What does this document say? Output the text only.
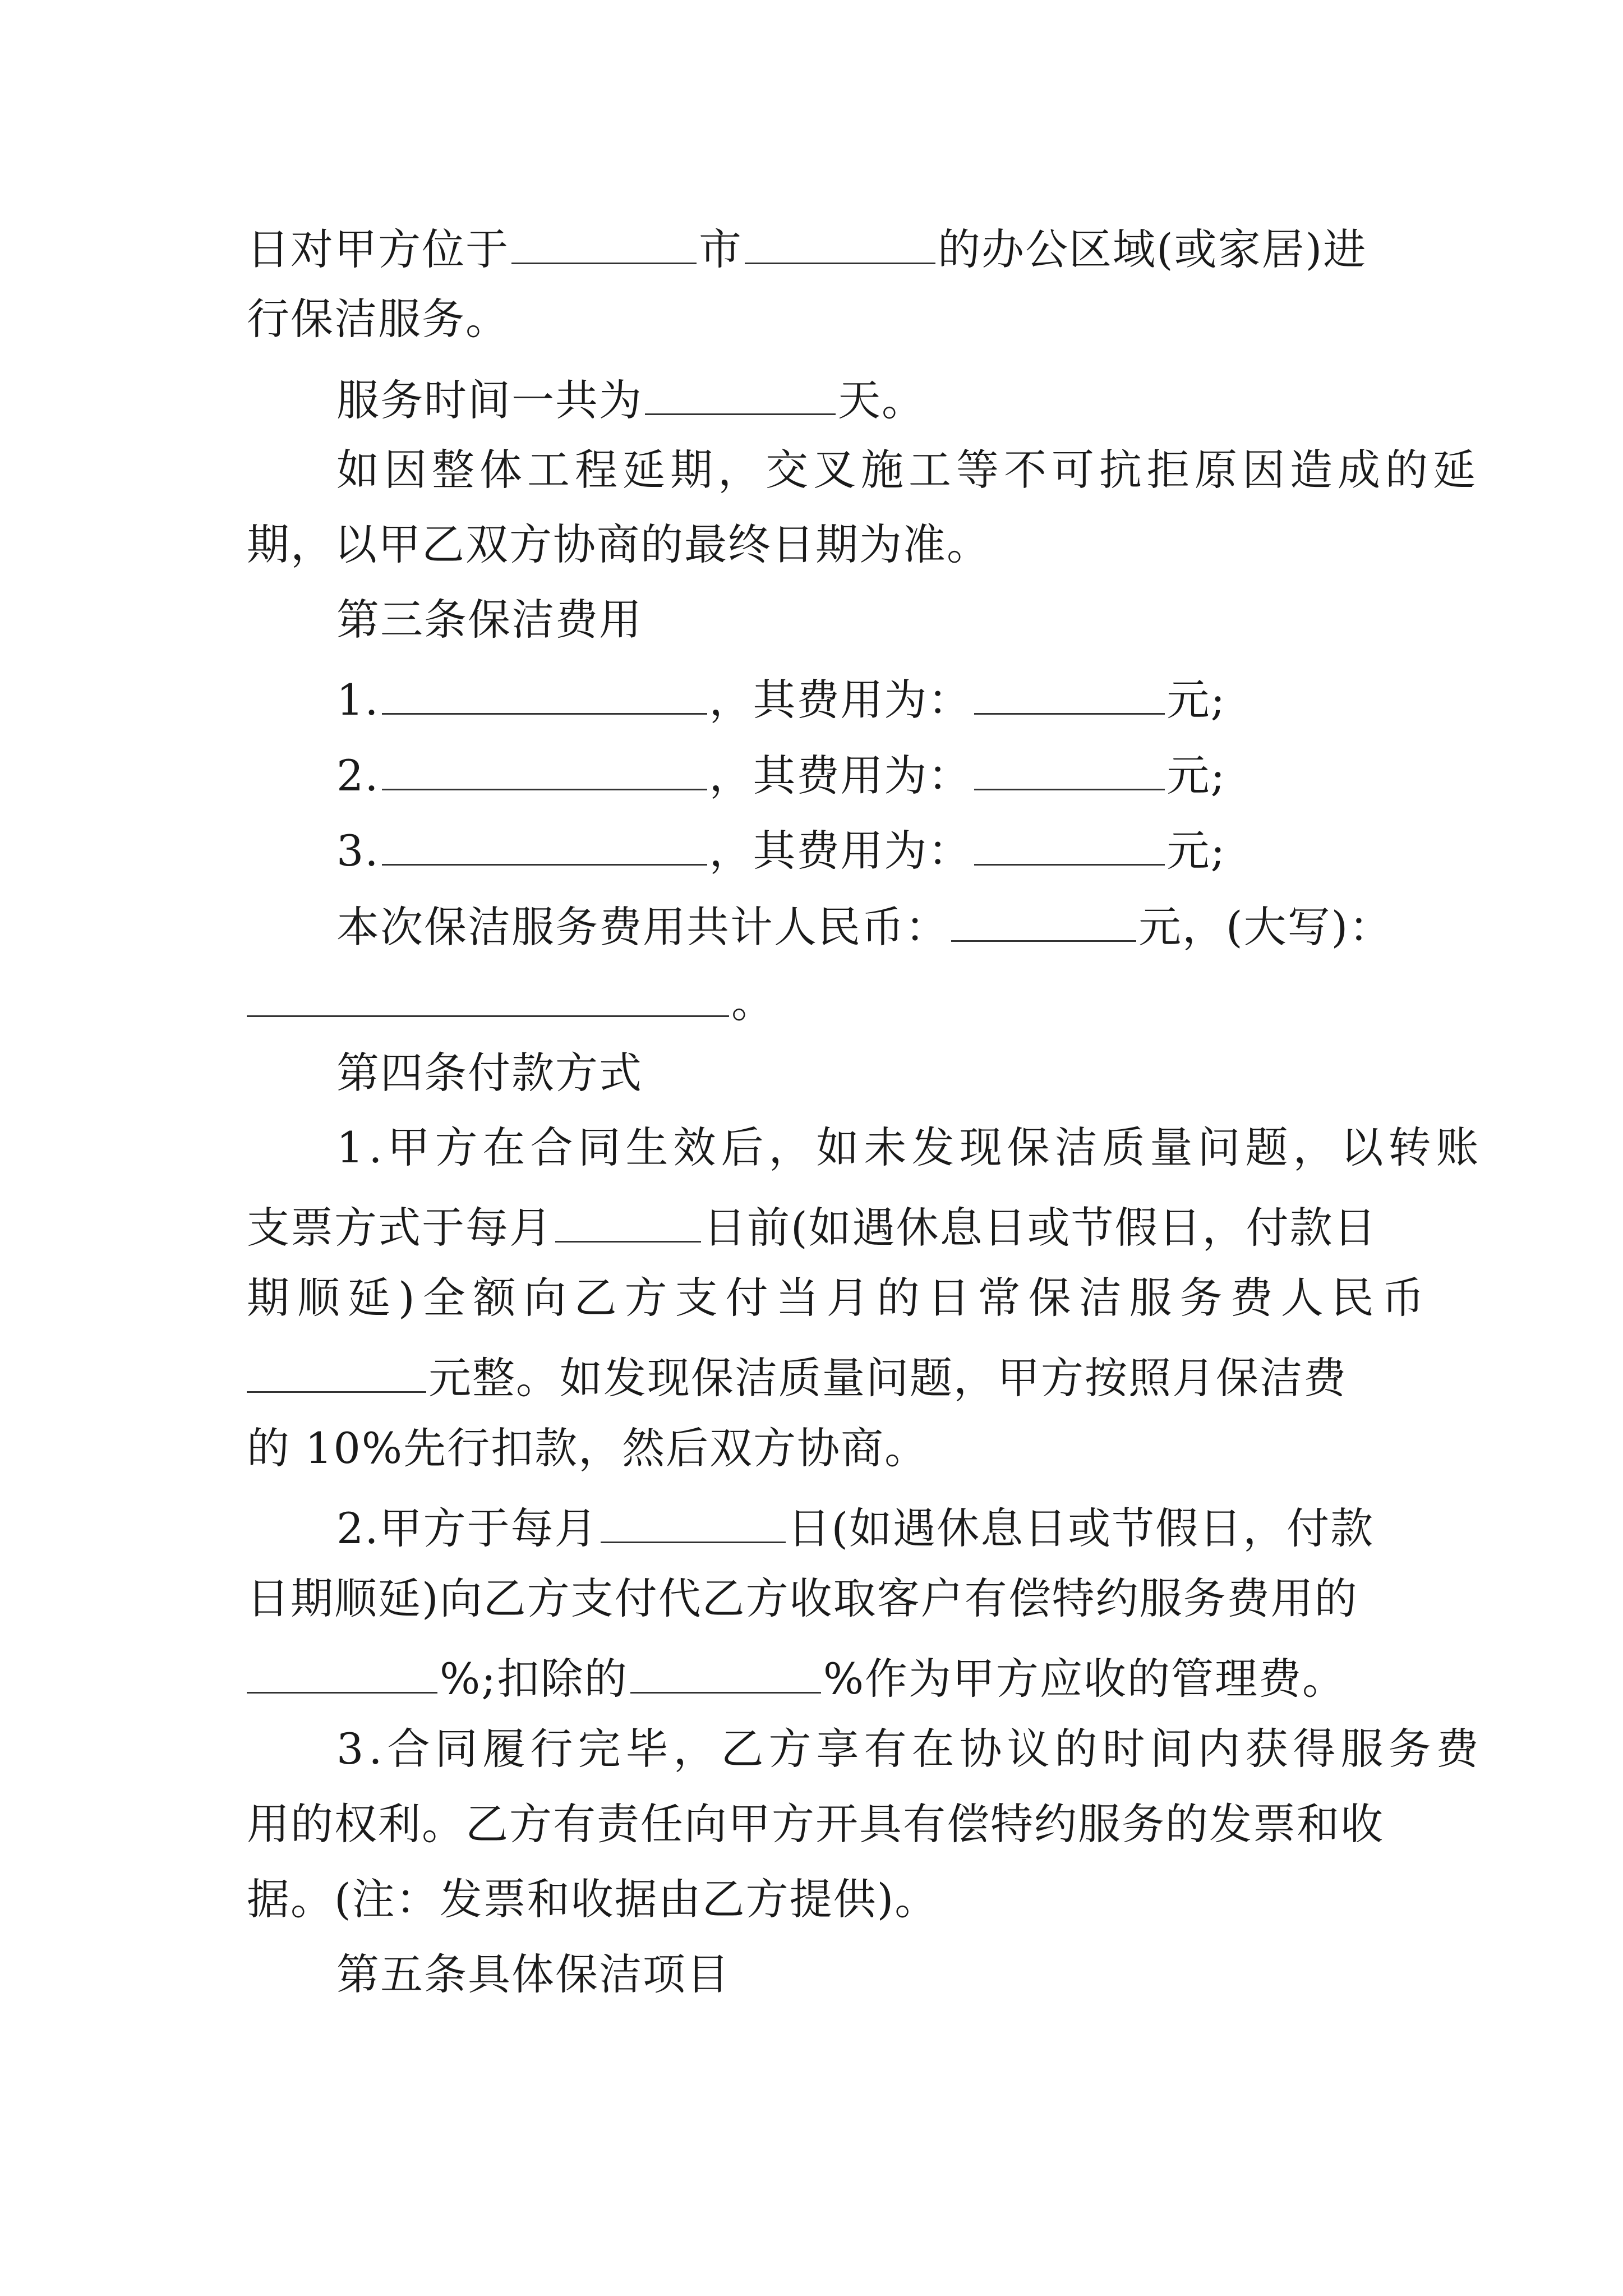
日对甲方位于	市	的办公区域(或家居)进
行保洁服务。
服务时间一共为	天。
如因整体工程延期，交叉施工等不可抗拒原因造成的延
期，以甲乙双方协商的最终日期为准。
第三条保洁费用
1.	，其费用为：	元;
2.	，其费用为：	元;
3.	，其费用为：	元;
本次保洁服务费用共计人民币：	元，(大写)：
。
第四条付款方式
1.甲方在合同生效后，如未发现保洁质量问题，以转账
支票方式于每月	日前(如遇休息日或节假日，付款日
期顺延)全额向乙方支付当月的日常保洁服务费人民币
元整。如发现保洁质量问题，甲方按照月保洁费
的 10%先行扣款，然后双方协商。
2.甲方于每月	日(如遇休息日或节假日，付款
日期顺延)向乙方支付代乙方收取客户有偿特约服务费用的
%;扣除的	%作为甲方应收的管理费。
3.合同履行完毕，乙方享有在协议的时间内获得服务费
用的权利。乙方有责任向甲方开具有偿特约服务的发票和收
据。(注：发票和收据由乙方提供)。
第五条具体保洁项目
